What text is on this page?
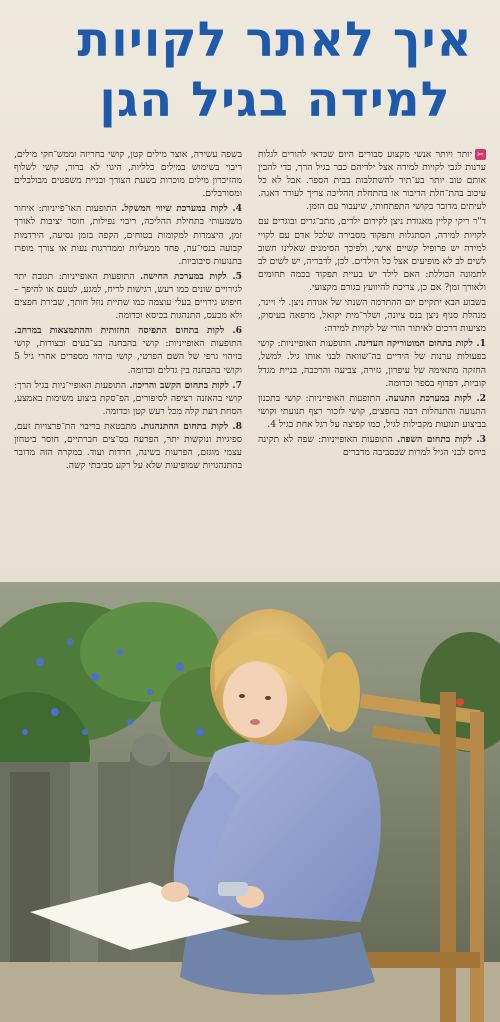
איך לאתר לקויות
למידה בגיל הגן

✂יותר ויותר אנשי מקצוע סבורים היום שכדאי להורים לגלות ערנות לגבי לקויות למידה אצל ילדיהם כבר בגיל הרך, כדי להבין אותם טוב יותר בע־תיד להשתלבות בבית הספר. אבל לא כל עיכוב בהת־חלת הדיבור או בהתחלת ההליכה צריך לעורר דאגה. לעיתים מדובר בקושי התפתחותי, שיעבור עם הזמן.

ד"ר ריקי קליין מאגודת ניצן לקידום ילדים, מתב־גרים ובוגרים עם לקויות למידה, הסתגלות ותפקוד מסבירה שלכל אדם עם לקויי למידה יש פרופיל קשיים אישי, ולפיכך הסימנים שאלינו חשוב לשים לב לא מופיעים אצל כל הילדים. לכן, לדבריה, יש לשים לב לתמונה הכוללת: האם לילד יש בעיית תפקוד בכמה תחומים ולאורך זמן? אם כן, צריכת להיוועץ בגורם מקצועי.

בשבוע הבא יתקיים יום ההתרמה השנתי של אגודת ניצן. לי ויינר, מנהלת סניף ניצן בנס ציונה, ושלר־מית יקואל, מרפאה בעיסוק, מציעות דרכים לאיתור הורי של לקויות למידה:

1. לקות בתחום המוטוריקה העדינה. התופעות האופייניות: קושי בפעולות ערנות של הידיים בה־שוואה לבני אותו גיל. למשל, החזקה מתאימה של עיפרון, גזירה, צביעה והרכבה, בניית מגדל קוביות, דפדוף בספר וכדומה.

2. לקות במערכת התנועה. התופעות האופייניות: קושי בתכנון התנועה והתנהלות רבה בחפצים, קושי לזכור רצף תנועתי וקושי בביצוע תנועות מקבילות לגיל, כמו קפיצה על רגל אחת בגיל 4.

3. לקות בתחום השפה. התופעות האופייניות: שפה לא תקינה ביחס לבני הגיל למרות שבסביבה מדברים

בשפה עשירה, אוצר מילים קטן, קושי בחריזה וממש־חקי מילים, ריבוי בשימוש במילים כלליות, היגוי לא ברור, קושי לשלוף מהזיכרון מילים מוכרות בשעת הצורך ובניית משפטים מבולבלים ומסורבלים.

4. לקות במערכת שיווי המשקל. התופעות האו־פייניות: איחור משמעותי בתחילת ההליכה, ריבוי נפילות, חוסר יציבות לאורך זמן, היצמדות למקומות בטוחים, הקפה בזמן נסיעה, הירדמות קבועה בנסי־עה, פחד ממעליות וממדרגות נעות או צורך מופרז בתנועות סיבוביות.

5. לקות במערכת החישה. התופעות האופייניות: תגובת יתר לגירויים שונים כמו רעש, רגישות לריח, למגע, לטעם או להיפך – חיפוש גירויים בעלי עוצמה כמו שתיית נוזל חותך, שבירת חפצים ולא מכעס, התנהגות בכיסא וכדומה.

6. לקות בתחום התפיסה החזותית וההתמצאות במרחב. התופעות האופייניות: קושי בהבחנה בצ־בעים ובצורות, קושי בזיהוי גרפי של השם הפרטי, קושי בזיהוי מספרים אחרי גיל 5 וקושי בהבחנה בין גדלים וכדומה.

7. לקות בתחום הקשב והריכוז. התופעות האופיי־ניות בגיל הרך: קושי בהאזנה רציפה לסיפורים, הפ־סקת ביצוע משימות באמצע, הסחת דעת קלה מכל רעש קטן וכדומה.

8. לקות בתחום ההתנהגות. מתבטאת בריבוי הת־פרצויות זעם, ספיגיות ונוקשות יתר, הפרעה בס־צים חברתיים, חוסר ביטחון עצמי מוגזם, הפרעות בשינה, חרדות ועוד. במקרה הזה מדובר בהתנהגויות שמופיעות שלא על רקע סביבתי קשה.
